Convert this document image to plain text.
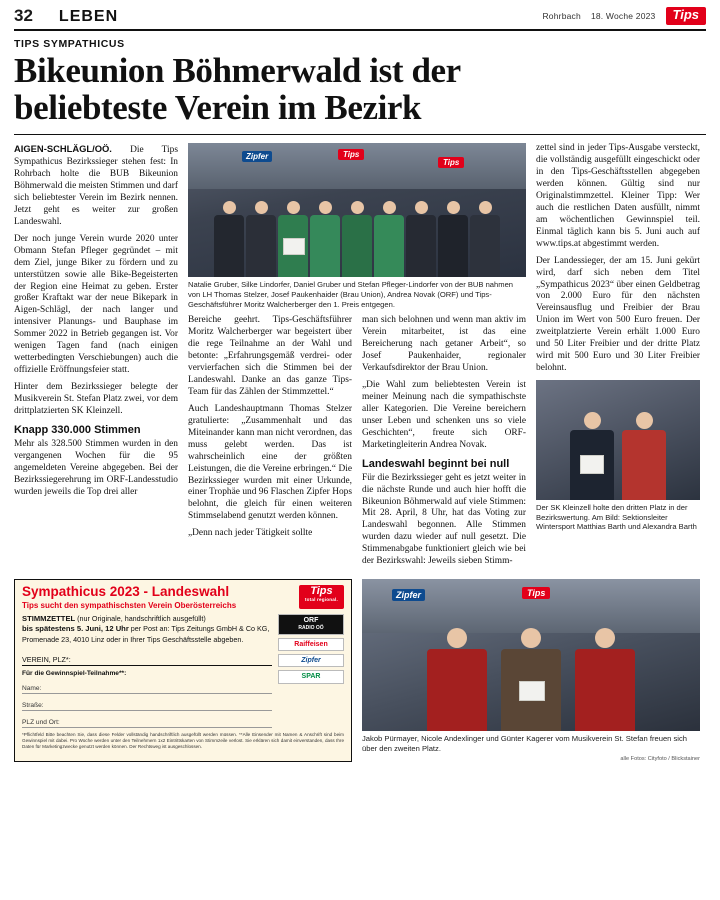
32 LEBEN	Rohrbach 18. Woche 2023	Tips
TIPS SYMPATHICUS
Bikeunion Böhmerwald ist der
beliebteste Verein im Bezirk

AIGEN-SCHLÄGL/OÖ. Die Tips Sympathicus Bezirkssieger stehen fest: In Rohrbach holte die BUB Bikeunion Böhmerwald die meisten Stimmen und darf sich beliebtester Verein im Bezirk nennen. Jetzt geht es weiter zur großen Landeswahl.

Der noch junge Verein wurde 2020 unter Obmann Stefan Pfleger gegründet – mit dem Ziel, junge Biker zu fördern und zu unterstützen sowie alle Bike-Begeisterten der Region eine Heimat zu geben. Erster großer Kraftakt war der neue Bikepark in Aigen-Schlägl, der nach langer und intensiver Planungs- und Bauphase im Sommer 2022 in Betrieb gegangen ist. Vor wenigen Tagen fand (nach einigen wetterbedingten Verschiebungen) auch die offizielle Eröffnungsfeier statt.

Hinter dem Bezirkssieger belegte der Musikverein St. Stefan Platz zwei, vor dem drittplatzierten SK Kleinzell.

Knapp 330.000 Stimmen

Mehr als 328.500 Stimmen wurden in den vergangenen Wochen für die 95 angemeldeten Vereine abgegeben. Bei der Bezirkssiegerehrung im ORF-Landesstudio wurden jeweils die Top drei aller

Zipfer	Tips
Tips
Natalie Gruber, Silke Lindorfer, Daniel Gruber und Stefan Pfleger-Lindorfer von der BUB nahmen von LH Thomas Stelzer, Josef Paukenhaider (Brau Union), Andrea Novak (ORF) und Tips-Geschäftsführer Moritz Walcherberger den 1. Preis entgegen.

Bereiche geehrt. Tips-Geschäftsführer Moritz Walcherberger war begeistert über die rege Teilnahme an der Wahl und betonte: „Erfahrungsgemäß verdrei- oder vervierfachen sich die Stimmen bei der Landeswahl. Danke an das ganze Tips-Team für das Zählen der Stimmzettel.“

Auch Landeshauptmann Thomas Stelzer gratulierte: „Zusammenhalt und das Miteinander kann man nicht verordnen, das muss gelebt werden. Das ist wahrscheinlich eine der größten Leistungen, die die Vereine erbringen.“ Die Bezirkssieger wurden mit einer Urkunde, einer Trophäe und 96 Flaschen Zipfer Hops belohnt, die gleich für einen weiteren Stimmselabend genutzt werden können.

„Denn nach jeder Tätigkeit sollte

man sich belohnen und wenn man aktiv im Verein mitarbeitet, ist das eine Bereicherung nach getaner Arbeit“, so Josef Paukenhaider, regionaler Verkaufsdirektor der Brau Union.

„Die Wahl zum beliebtesten Verein ist meiner Meinung nach die sympathischste aller Kategorien. Die Vereine bereichern unser Leben und schenken uns so viele Geschichten“, freute sich ORF-Marketingleiterin Andrea Novak.

Landeswahl beginnt bei null

Für die Bezirkssieger geht es jetzt weiter in die nächste Runde und auch hier hofft die Bikeunion Böhmerwald auf viele Stimmen: Mit 28. April, 8 Uhr, hat das Voting zur Landeswahl begonnen. Alle Stimmen wurden dazu wieder auf null gesetzt. Die Stimmenabgabe funktioniert gleich wie bei der Bezirkswahl: Jeweils sieben Stimm-

zettel sind in jeder Tips-Ausgabe versteckt, die vollständig ausgefüllt eingeschickt oder in den Tips-Geschäftsstellen abgegeben werden können. Gültig sind nur Originalstimmzettel. Kleiner Tipp: Wer auch die restlichen Daten ausfüllt, nimmt am wöchentlichen Gewinnspiel teil. Einmal täglich kann bis 5. Juni auch auf www.tips.at abgestimmt werden.

Der Landessieger, der am 15. Juni gekürt wird, darf sich neben dem Titel „Sympathicus 2023“ über einen Geldbetrag von 2.000 Euro für den nächsten Vereinsausflug und Freibier der Brau Union im Wert von 500 Euro freuen. Der zweitplatzierte Verein erhält 1.000 Euro und 50 Liter Freibier und der dritte Platz wird mit 500 Euro und 30 Liter Freibier belohnt.

Der SK Kleinzell holte den dritten Platz in der Bezirkswertung. Am Bild: Sektionsleiter Wintersport Matthias Barth und Alexandra Barth
Sympathicus 2023 - Landeswahl
Tips sucht den sympathischsten Verein Oberösterreichs
Tips
total regional.
STIMMZETTEL (nur Originale, handschriftlich ausgefüllt)
bis spätestens 5. Juni, 12 Uhr per Post an: Tips Zeitungs GmbH & Co KG, Promenade 23, 4010 Linz oder in Ihrer Tips Geschäftsstelle abgeben.
VEREIN, PLZ*:
Für die Gewinnspiel-Teilnahme**:
Name:
Straße:
PLZ und Ort:
ORF
RADIO OÖ
Raiffeisen
Zipfer
SPAR
*Pflichtfeld Bitte beachten Sie, dass diese Felder vollständig handschriftlich ausgefüllt werden müssen. **Alle Einsender mit Namen & Anschrift sind beim Gewinnspiel mit dabei. Pro Woche werden unter den Teilnehmern 1x2 Eintrittskarten von Stimmzeile verlost. Sie erklären sich damit einverstanden, dass Ihre Daten für Marketingzwecke genutzt werden können. Der Rechtsweg ist ausgeschlossen.
Zipfer	Tips
Jakob Pürmayer, Nicole Andexlinger und Günter Kagerer vom Musikverein St. Stefan freuen sich über den zweiten Platz.
alle Fotos: Cityfoto / Blickstainer
